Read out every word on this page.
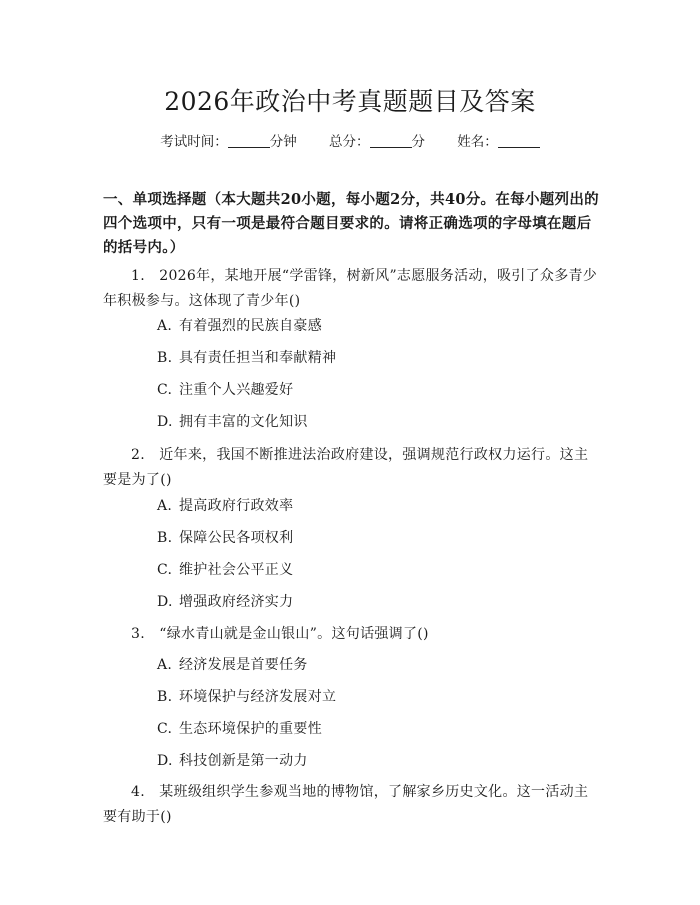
2026年政治中考真题题目及答案
考试时间：	分钟 总分：	分 姓名：
一、单项选择题（本大题共20小题，每小题2分，共40分。在每小题列出的四个选项中，只有一项是最符合题目要求的。请将正确选项的字母填在题后的括号内。）
1.　2026年，某地开展“学雷锋，树新风”志愿服务活动，吸引了众多青少年积极参与。这体现了青少年()
A. 有着强烈的民族自豪感
B. 具有责任担当和奉献精神
C. 注重个人兴趣爱好
D. 拥有丰富的文化知识
2.　近年来，我国不断推进法治政府建设，强调规范行政权力运行。这主要是为了()
A. 提高政府行政效率
B. 保障公民各项权利
C. 维护社会公平正义
D. 增强政府经济实力
3.　“绿水青山就是金山银山”。这句话强调了()
A. 经济发展是首要任务
B. 环境保护与经济发展对立
C. 生态环境保护的重要性
D. 科技创新是第一动力
4.　某班级组织学生参观当地的博物馆，了解家乡历史文化。这一活动主要有助于()
